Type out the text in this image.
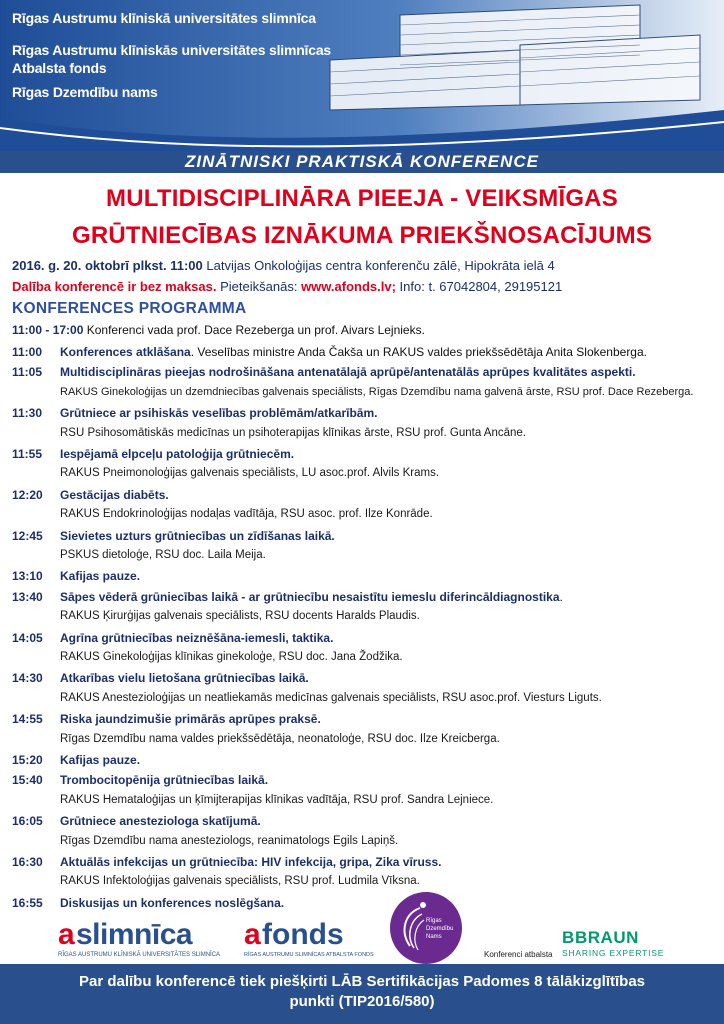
Rīgas Austrumu klīniskā universitātes slimnīca
Rīgas Austrumu klīniskās universitātes slimnīcas
Atbalsta fonds
Rīgas Dzemdību nams
ZINĀTNISKI PRAKTISKĀ KONFERENCE
MULTIDISCIPLINĀRA PIEEJA - VEIKSMĪGAS
GRŪTNIECĪBAS IZNĀKUMA PRIEKŠNOSACĪJUMS
2016. g. 20. oktobrī plkst. 11:00 Latvijas Onkoloģijas centra konferenču zālē, Hipokrāta ielā 4
Dalība konferencē ir bez maksas. Pieteikšanās: www.afonds.lv; Info: t. 67042804, 29195121
KONFERENCES PROGRAMMA
11:00 - 17:00 Konferenci vada prof. Dace Rezeberga un prof. Aivars Lejnieks.
11:00 Konferences atklāšana. Veselības ministre Anda Čakša un RAKUS valdes priekšsēdētāja Anita Slokenberga.
11:05 Multidisciplināras pieejas nodrošināšana antenatālajā aprūpē/antenatālās aprūpes kvalitātes aspekti.
RAKUS Ginekoloģijas un dzemdniecības galvenais speciālists, Rīgas Dzemdību nama galvenā ārste, RSU prof. Dace Rezeberga.
11:30 Grūtniece ar psihiskās veselības problēmām/atkarībām.
RSU Psihosomātiskās medicīnas un psihoterapijas klīnikas ārste, RSU prof. Gunta Ancāne.
11:55 Iespējamā elpceļu patoloģija grūtniecēm.
RAKUS Pneimonoloģijas galvenais speciālists, LU asoc.prof. Alvils Krams.
12:20 Gestācijas diabēts.
RAKUS Endokrinoloģijas nodaļas vadītāja, RSU asoc. prof. Ilze Konrāde.
12:45 Sievietes uzturs grūtniecības un zīdīšanas laikā.
PSKUS dietoloģe, RSU doc. Laila Meija.
13:10 Kafijas pauze.
13:40 Sāpes vēderā grūniecības laikā - ar grūtniecību nesaistītu iemeslu diferincāldiagnostika.
RAKUS Ķirurģijas galvenais speciālists, RSU docents Haralds Plaudis.
14:05 Agrīna grūtniecības neiznēšāna-iemesli, taktika.
RAKUS Ginekoloģijas klīnikas ginekoloģe, RSU doc. Jana Žodžika.
14:30 Atkarības vielu lietošana grūtniecības laikā.
RAKUS Anestezioloģijas un neatliekamās medicīnas galvenais speciālists, RSU asoc.prof. Viesturs Liguts.
14:55 Riska jaundzimušie primārās aprūpes praksē.
Rīgas Dzemdību nama valdes priekšsēdētāja, neonatoloģe, RSU doc. Ilze Kreicberga.
15:20 Kafijas pauze.
15:40 Trombocitopēnija grūtniecības laikā.
RAKUS Hemataloģijas un ķīmijterapijas klīnikas vadītāja, RSU prof. Sandra Lejniece.
16:05 Grūtniece anesteziologa skatījumā.
Rīgas Dzemdību nama anesteziologs, reanimatologs Egils Lapiņš.
16:30 Aktuālās infekcijas un grūtniecība: HIV infekcija, gripa, Zika vīruss.
RAKUS Infektoloģijas galvenais speciālists, RSU prof. Ludmila Vīksna.
16:55 Diskusijas un konferences noslēgšana.
a slimnīca
RĪGAS AUSTRUMU KLĪNISKĀ UNIVERSITĀTES SLIMNĪCA
a fonds
RĪGAS AUSTRUMU SLIMNĪCAS ATBALSTA FONDS
Rīgas
Dzemdību
Nams
Konferenci atbalsta
B BRAUN
SHARING EXPERTISE
Par dalību konferencē tiek piešķirti LĀB Sertifikācijas Padomes 8 tālākizglītības
punkti (TIP2016/580)
